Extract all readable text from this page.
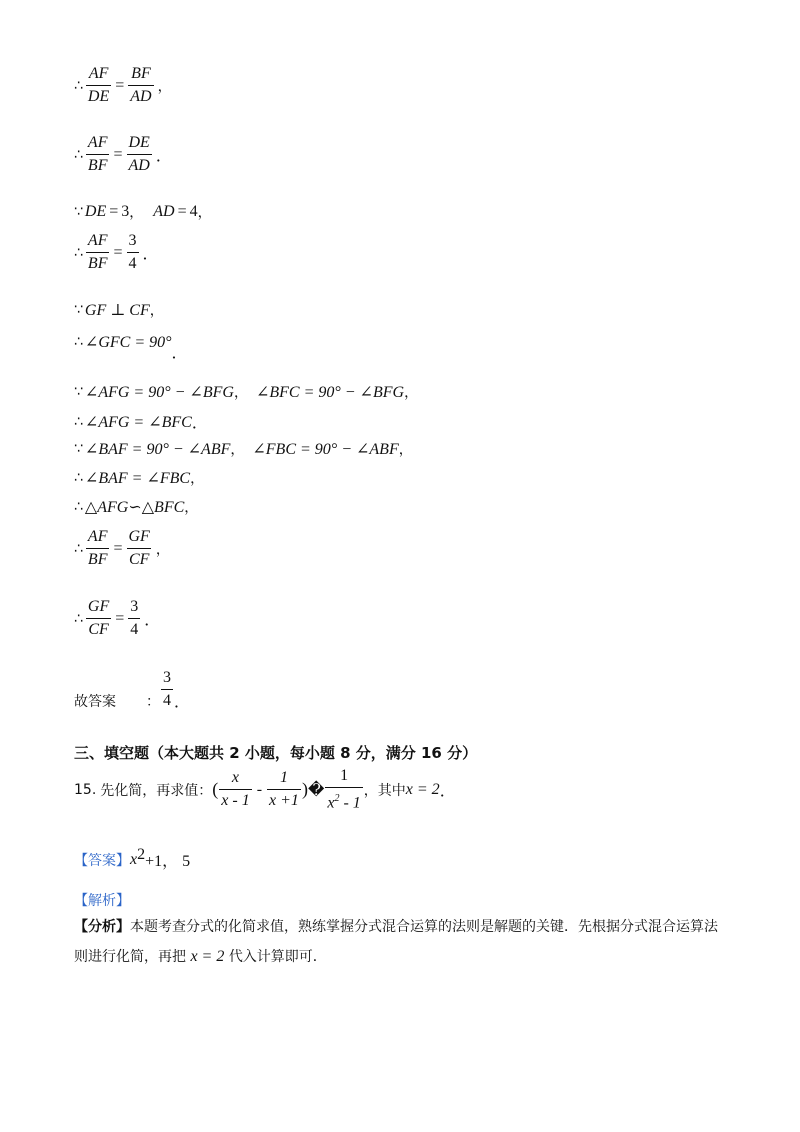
∴ $\frac{AF}{DE} = \frac{BF}{AD}$ ，
∴ $\frac{AF}{BF} = \frac{DE}{AD}$ ．
∵ DE = 3 ， AD = 4 ，
∴ $\frac{AF}{BF} = \frac{3}{4}$ ．
∵ GF ⊥ CF ，
∴ ∠GFC = 90°
．
∵ ∠AFG = 90° − ∠BFG ， ∠BFC = 90° − ∠BFG ，
∴ ∠AFG = ∠BFC ．
∵ ∠BAF = 90° − ∠ABF ， ∠FBC = 90° − ∠ABF ，
∴ ∠BAF = ∠FBC ，
∴ △AFG∽△BFC ，
∴ $\frac{AF}{BF} = \frac{GF}{CF}$ ，
∴ $\frac{GF}{CF} = \frac{3}{4}$ ．
故答案 ： $\frac{3}{4}$ ．
三、填空题（本大题共 2 小题，每小题 8 分，满分 16 分）
15. 先化简，再求值： ( $\frac{x}{x - 1} - \frac{1}{x +1}$ ) � $\frac{1}{x^2 - 1}$ ，其中 x = 2 ．
【答案】 x 2 +1， 5
【解析】
【分析】本题考查分式的化简求值，熟练掌握分式混合运算的法则是解题的关键．先根据分式混合运算法
则进行化简，再把 x = 2 代入计算即可．
